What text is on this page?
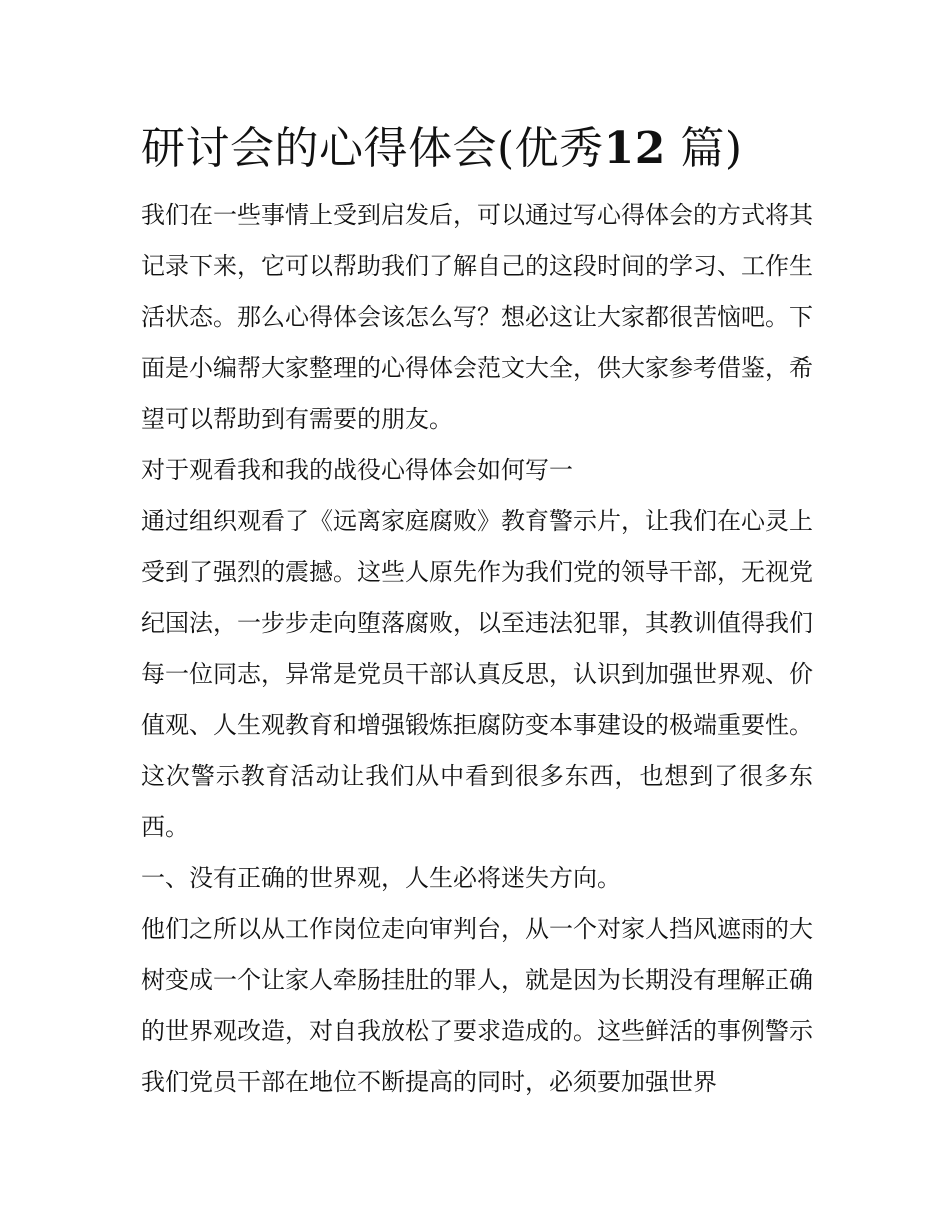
研讨会的心得体会(优秀12 篇)

我们在一些事情上受到启发后，可以通过写心得体会的方式将其记录下来，它可以帮助我们了解自己的这段时间的学习、工作生活状态。那么心得体会该怎么写？想必这让大家都很苦恼吧。下面是小编帮大家整理的心得体会范文大全，供大家参考借鉴，希望可以帮助到有需要的朋友。

对于观看我和我的战役心得体会如何写一

通过组织观看了《远离家庭腐败》教育警示片，让我们在心灵上受到了强烈的震撼。这些人原先作为我们党的领导干部，无视党纪国法，一步步走向堕落腐败，以至违法犯罪，其教训值得我们每一位同志，异常是党员干部认真反思，认识到加强世界观、价值观、人生观教育和增强锻炼拒腐防变本事建设的极端重要性。这次警示教育活动让我们从中看到很多东西，也想到了很多东西。

一、没有正确的世界观，人生必将迷失方向。

他们之所以从工作岗位走向审判台，从一个对家人挡风遮雨的大树变成一个让家人牵肠挂肚的罪人，就是因为长期没有理解正确的世界观改造，对自我放松了要求造成的。这些鲜活的事例警示我们党员干部在地位不断提高的同时，必须要加强世界
